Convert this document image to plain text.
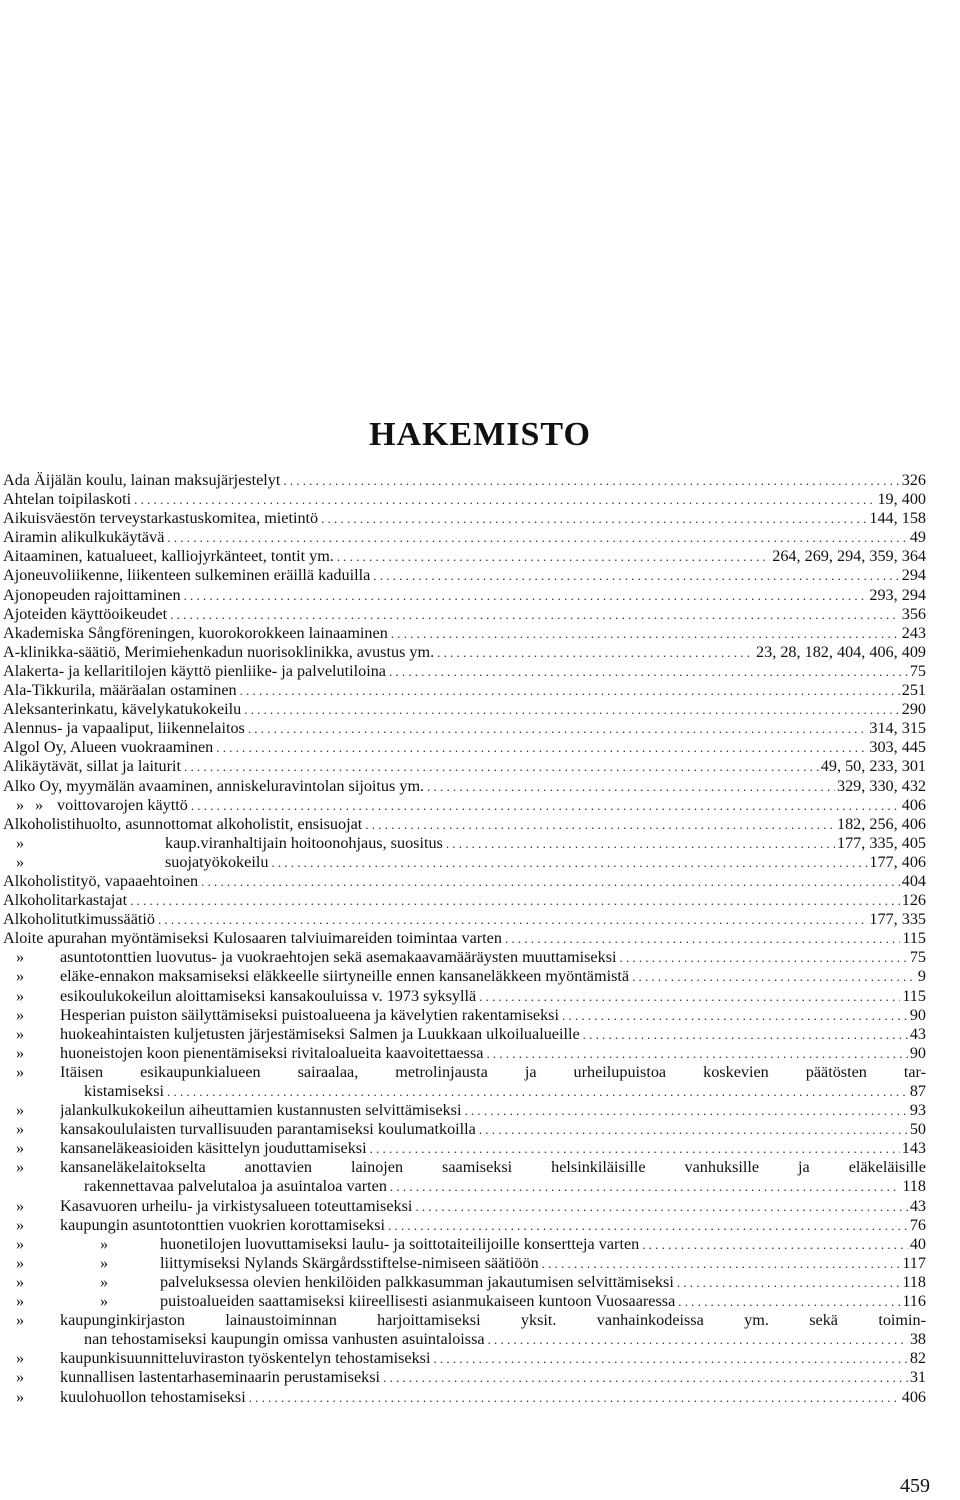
HAKEMISTO
Ada Äijälän koulu, lainan maksujärjestelyt .....	326
Ahtelan toipilaskoti .....	19, 400
Aikuisväestön terveystarkastuskomitea, mietintö .....	144, 158
Airamin alikulkukäytävä .....	49
Aitaaminen, katualueet, kalliojyrkänteet, tontit ym. .....	264, 269, 294, 359, 364
Ajoneuvoliikenne, liikenteen sulkeminen eräillä kaduilla .....	294
Ajonopeuden rajoittaminen .....	293, 294
Ajoteiden käyttöoikeudet .....	356
Akademiska Sångföreningen, kuorokorokkeen lainaaminen .....	243
A-klinikka-säätiö, Merimiehenkadun nuorisoklinikka, avustus ym. .....	23, 28, 182, 404, 406, 409
Alakerta- ja kellaritilojen käyttö pienliike- ja palvelutiloina .....	75
Ala-Tikkurila, määräalan ostaminen .....	251
Aleksanterinkatu, kävelykatukokeilu .....	290
Alennus- ja vapaaliput, liikennelaitos .....	314, 315
Algol Oy, Alueen vuokraaminen .....	303, 445
Alikäytävät, sillat ja laiturit .....	49, 50, 233, 301
Alko Oy, myymälän avaaminen, anniskeluravintolan sijoitus ym. .....	329, 330, 432
» » voittovarojen käyttö .....	406
Alkoholistihuolto, asunnottomat alkoholistit, ensisuojat .....	182, 256, 406
»	kaup.viranhaltijain hoitoonohjaus, suositus .....	177, 335, 405
»	suojatyökokeilu .....	177, 406
Alkoholistityö, vapaaehtoinen .....	404
Alkoholitarkastajat .....	126
Alkoholitutkimussäätiö .....	177, 335
Aloite apurahan myöntämiseksi Kulosaaren talviuimareiden toimintaa varten .....	115
» asuntotonttien luovutus- ja vuokraehtojen sekä asemakaavamääräysten muuttamiseksi .....	75
» eläke-ennakon maksamiseksi eläkkeelle siirtyneille ennen kansaneläkkeen myöntämistä .....	9
» esikoulukokeilun aloittamiseksi kansakouluissa v. 1973 syksyllä .....	115
» Hesperian puiston säilyttämiseksi puistoalueena ja kävelytien rakentamiseksi .....	90
» huokeahintaisten kuljetusten järjestämiseksi Salmen ja Luukkaan ulkoilualueille .....	43
» huoneistojen koon pienentämiseksi rivitaloalueita kaavoitettaessa .....	90
» Itäisen esikaupunkialueen sairaalaa, metrolinjausta ja urheilupuistoa koskevien päätösten tar-
kistamiseksi .....	87
» jalankulkukokeilun aiheuttamien kustannusten selvittämiseksi .....	93
» kansakoululaisten turvallisuuden parantamiseksi koulumatkoilla .....	50
» kansaneläkeasioiden käsittelyn jouduttamiseksi .....	143
» kansaneläkelaitokselta anottavien lainojen saamiseksi helsinkiläisille vanhuksille ja eläkeläisille
rakennettavaa palvelutaloa ja asuintaloa varten .....	118
» Kasavuoren urheilu- ja virkistysalueen toteuttamiseksi .....	43
» kaupungin asuntotonttien vuokrien korottamiseksi .....	76
»	»	huonetilojen luovuttamiseksi laulu- ja soittotaiteilijoille konsertteja varten .....	40
»	»	liittymiseksi Nylands Skärgårdsstiftelse-nimiseen säätiöön .....	117
»	»	palveluksessa olevien henkilöiden palkkasumman jakautumisen selvittämiseksi .....	118
»	»	puistoalueiden saattamiseksi kiireellisesti asianmukaiseen kuntoon Vuosaaressa .....	116
» kaupunginkirjaston lainaustoiminnan harjoittamiseksi yksit. vanhainkodeissa ym. sekä toimin-
nan tehostamiseksi kaupungin omissa vanhusten asuintaloissa .....	38
» kaupunkisuunnitteluviraston työskentelyn tehostamiseksi .....	82
» kunnallisen lastentarhaseminaarin perustamiseksi .....	31
» kuulohuollon tehostamiseksi .....	406
459
